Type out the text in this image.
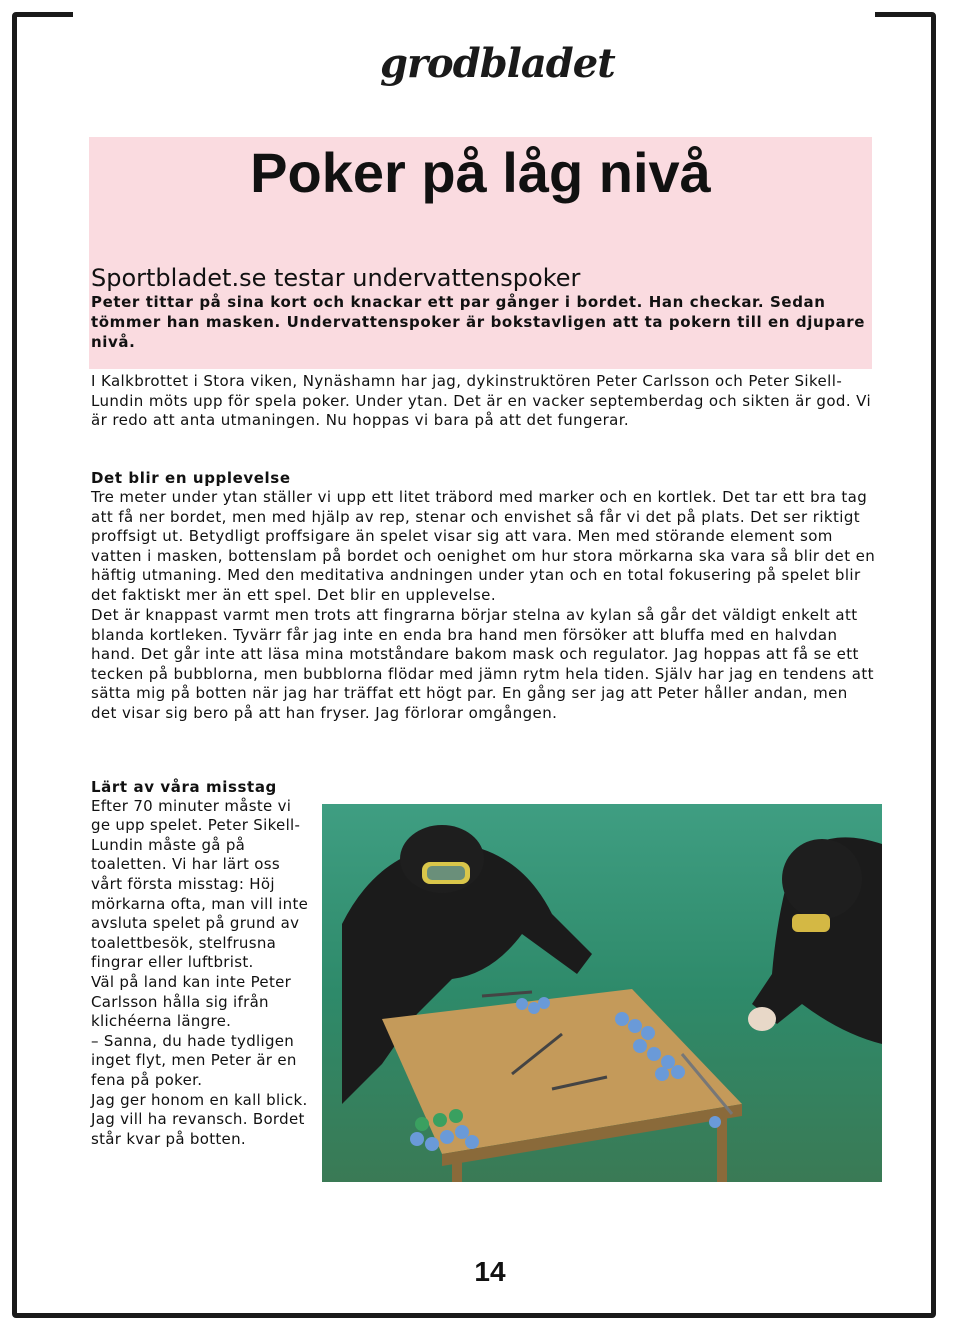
grodbladet
Poker på låg nivå
Sportbladet.se testar undervattenspoker

Peter tittar på sina kort och knackar ett par gånger i bordet. Han checkar. Sedan tömmer han masken. Undervattenspoker är bokstavligen att ta pokern till en djupare nivå.

I Kalkbrottet i Stora viken, Nynäshamn har jag, dykinstruktören Peter Carlsson och Peter Sikell-Lundin möts upp för spela poker. Under ytan. Det är en vacker septemberdag och sikten är god. Vi är redo att anta utmaningen. Nu hoppas vi bara på att det fungerar.

Det blir en upplevelse

Tre meter under ytan ställer vi upp ett litet träbord med marker och en kortlek. Det tar ett bra tag att få ner bordet, men med hjälp av rep, stenar och envishet så får vi det på plats. Det ser riktigt proffsigt ut. Betydligt proffsigare än spelet visar sig att vara. Men med störande element som vatten i masken, bottenslam på bordet och oenighet om hur stora mörkarna ska vara så blir det en häftig utmaning. Med den meditativa andningen under ytan och en total fokusering på spelet blir det faktiskt mer än ett spel. Det blir en upplevelse.

Det är knappast varmt men trots att fingrarna börjar stelna av kylan så går det väldigt enkelt att blanda kortleken. Tyvärr får jag inte en enda bra hand men försöker att bluffa med en halvdan hand. Det går inte att läsa mina motståndare bakom mask och regulator. Jag hoppas att få se ett tecken på bubblorna, men bubblorna flödar med jämn rytm hela tiden. Själv har jag en tendens att sätta mig på botten när jag har träffat ett högt par. En gång ser jag att Peter håller andan, men det visar sig bero på att han fryser. Jag förlorar omgången.

Lärt av våra misstag
Efter 70 minuter måste vi ge upp spelet. Peter Sikell-Lundin måste gå på toaletten. Vi har lärt oss vårt första misstag: Höj mörkarna ofta, man vill inte avsluta spelet på grund av toalettbesök, stelfrusna fingrar eller luftbrist.
Väl på land kan inte Peter Carlsson hålla sig ifrån klichéerna längre.
– Sanna, du hade tydligen inget flyt, men Peter är en fena på poker.
Jag ger honom en kall blick. Jag vill ha revansch. Bordet står kvar på botten.
14
